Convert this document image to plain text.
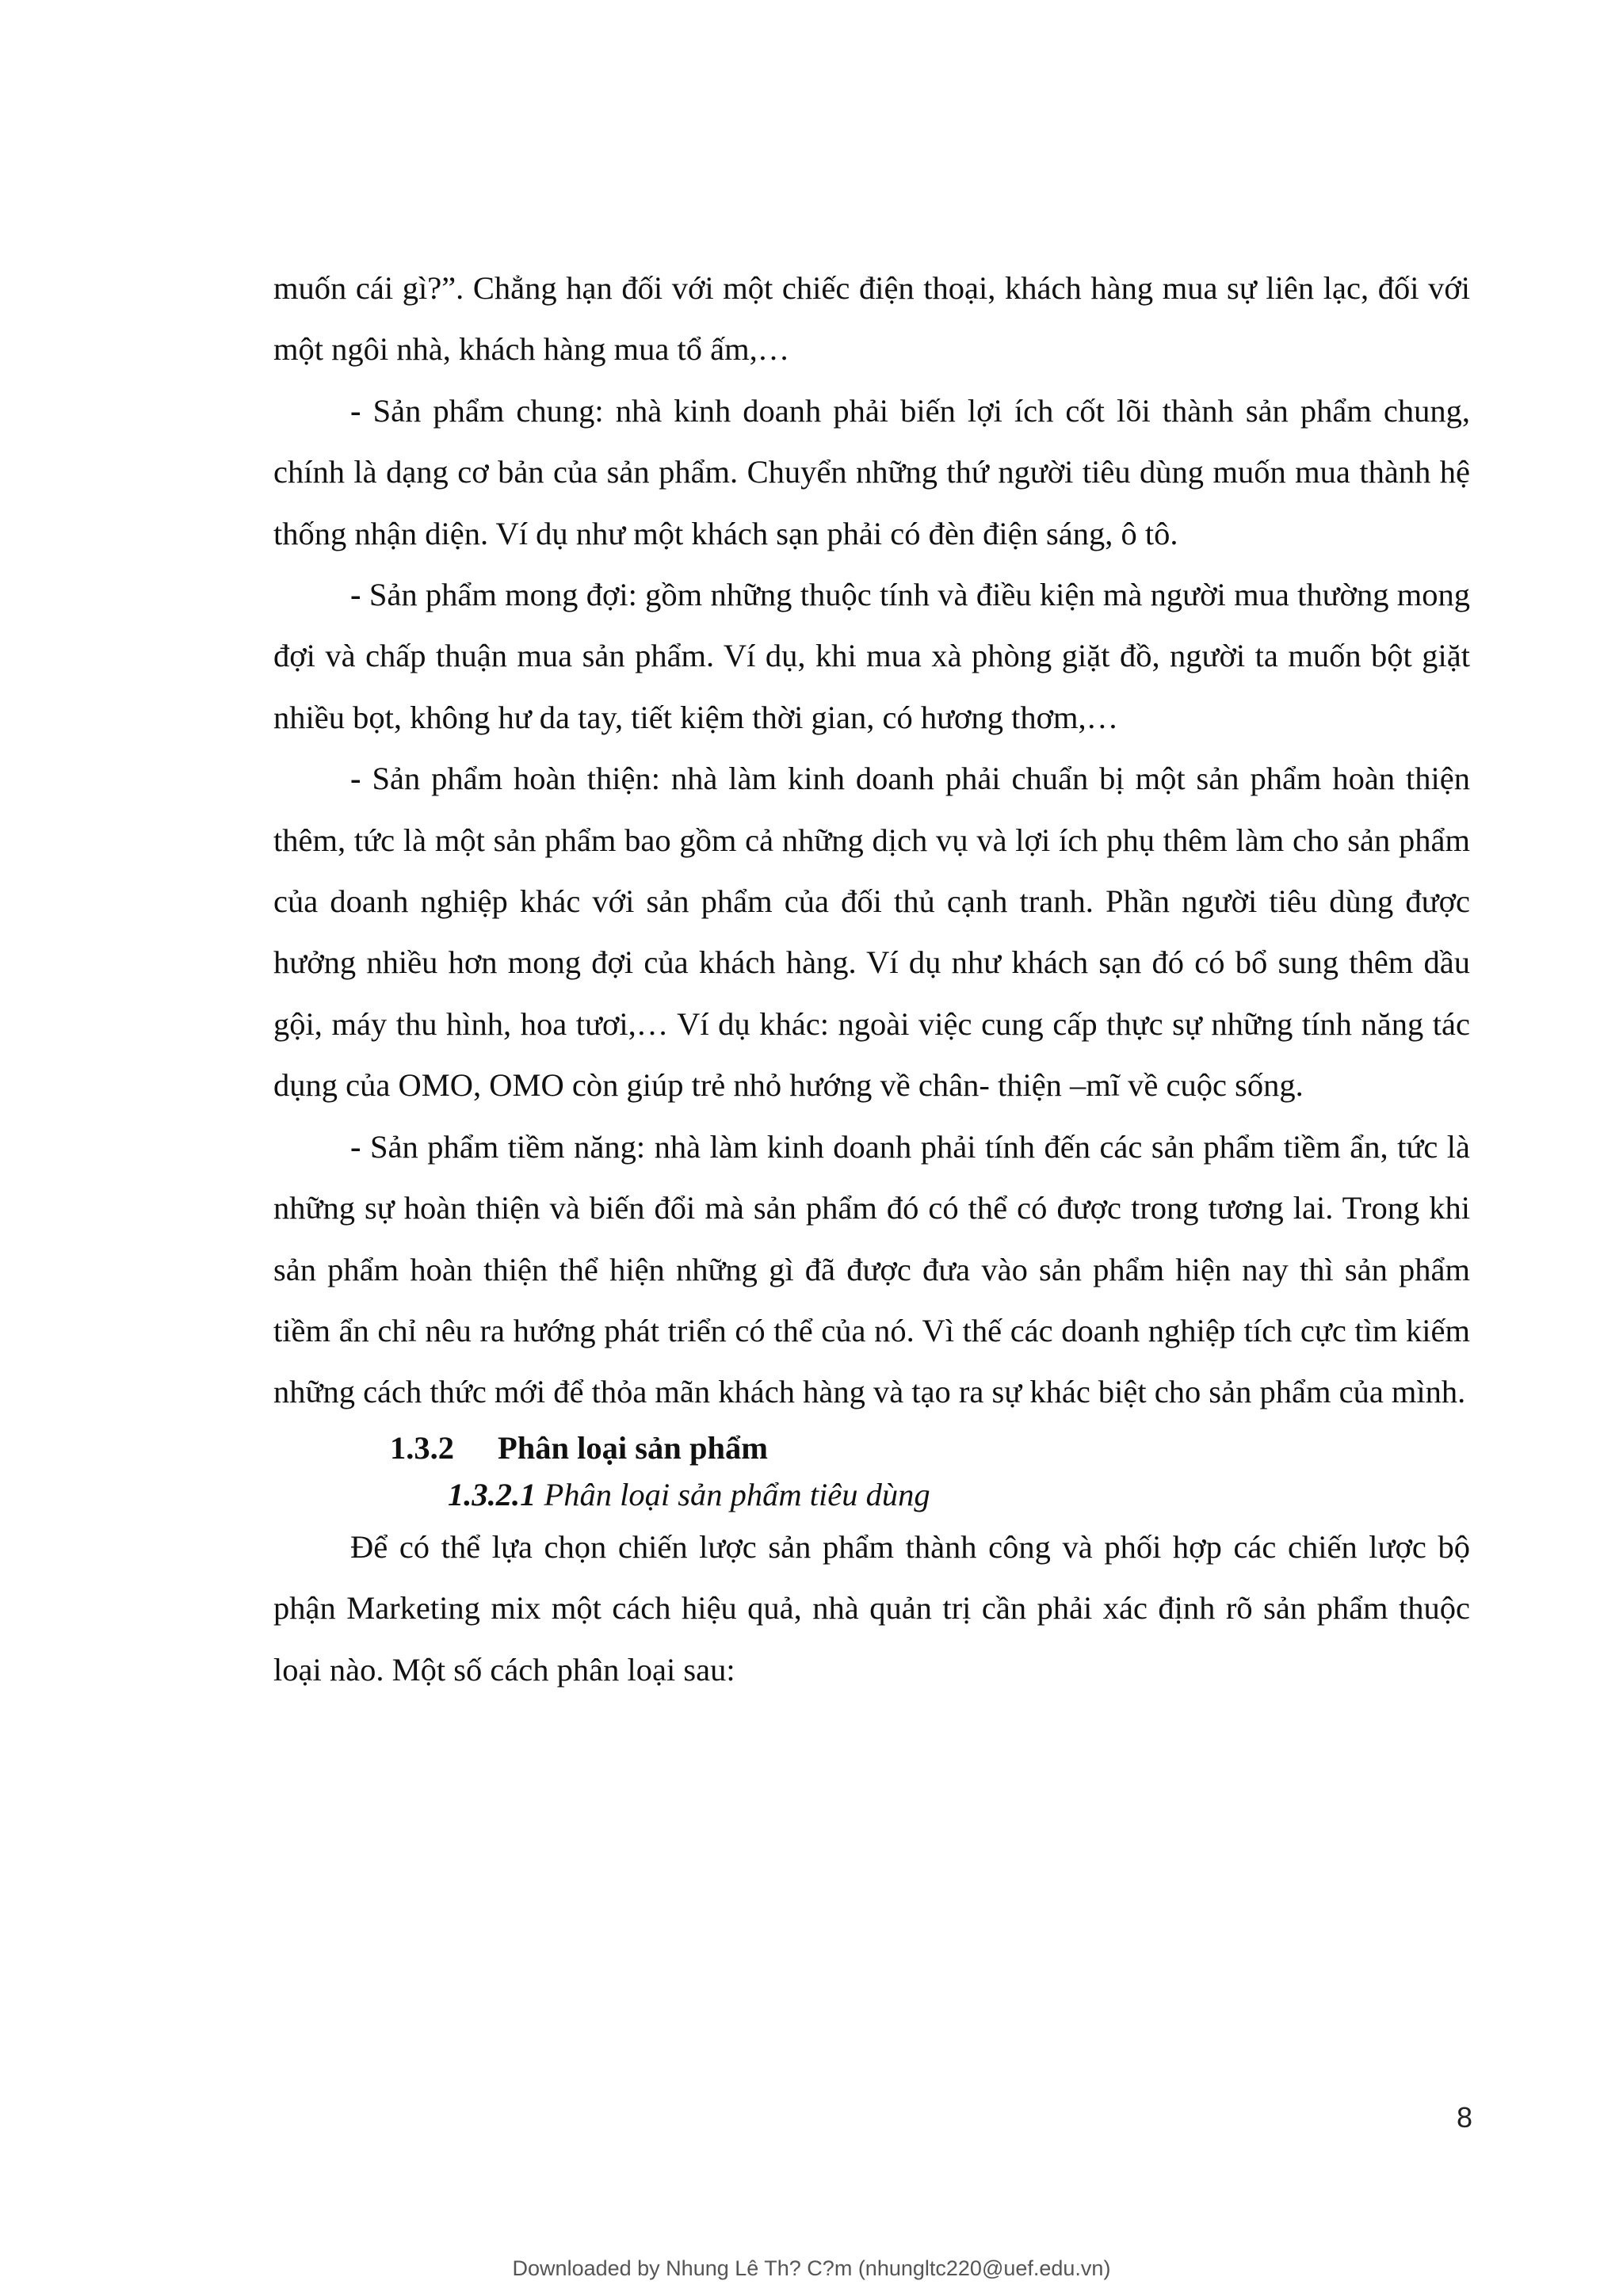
muốn cái gì?”. Chẳng hạn đối với một chiếc điện thoại, khách hàng mua sự liên lạc, đối với một ngôi nhà, khách hàng mua tổ ấm,…

- Sản phẩm chung: nhà kinh doanh phải biến lợi ích cốt lõi thành sản phẩm chung, chính là dạng cơ bản của sản phẩm. Chuyển những thứ người tiêu dùng muốn mua thành hệ thống nhận diện. Ví dụ như một khách sạn phải có đèn điện sáng, ô tô.

- Sản phẩm mong đợi: gồm những thuộc tính và điều kiện mà người mua thường mong đợi và chấp thuận mua sản phẩm. Ví dụ, khi mua xà phòng giặt đồ, người ta muốn bột giặt nhiều bọt, không hư da tay, tiết kiệm thời gian, có hương thơm,…

- Sản phẩm hoàn thiện: nhà làm kinh doanh phải chuẩn bị một sản phẩm hoàn thiện thêm, tức là một sản phẩm bao gồm cả những dịch vụ và lợi ích phụ thêm làm cho sản phẩm của doanh nghiệp khác với sản phẩm của đối thủ cạnh tranh. Phần người tiêu dùng được hưởng nhiều hơn mong đợi của khách hàng. Ví dụ như khách sạn đó có bổ sung thêm dầu gội, máy thu hình, hoa tươi,… Ví dụ khác: ngoài việc cung cấp thực sự những tính năng tác dụng của OMO, OMO còn giúp trẻ nhỏ hướng về chân- thiện –mĩ về cuộc sống.

- Sản phẩm tiềm năng: nhà làm kinh doanh phải tính đến các sản phẩm tiềm ẩn, tức là những sự hoàn thiện và biến đổi mà sản phẩm đó có thể có được trong tương lai. Trong khi sản phẩm hoàn thiện thể hiện những gì đã được đưa vào sản phẩm hiện nay thì sản phẩm tiềm ẩn chỉ nêu ra hướng phát triển có thể của nó. Vì thế các doanh nghiệp tích cực tìm kiếm những cách thức mới để thỏa mãn khách hàng và tạo ra sự khác biệt cho sản phẩm của mình.

1.3.2 Phân loại sản phẩm

1.3.2.1 Phân loại sản phẩm tiêu dùng

Để có thể lựa chọn chiến lược sản phẩm thành công và phối hợp các chiến lược bộ phận Marketing mix một cách hiệu quả, nhà quản trị cần phải xác định rõ sản phẩm thuộc loại nào. Một số cách phân loại sau:

8
Downloaded by Nhung Lê Th? C?m (nhungltc220@uef.edu.vn)
